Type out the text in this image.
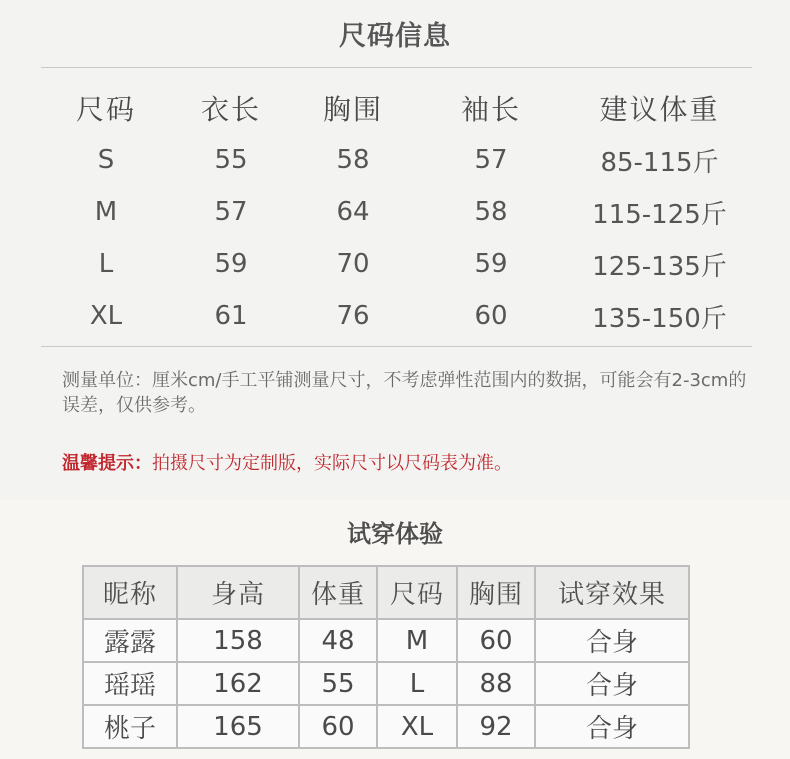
尺码信息
尺码	衣长	胸围	袖长	建议体重
S	55	58	57	85-115斤
M	57	64	58	115-125斤
L	59	70	59	125-135斤
XL	61	76	60	135-150斤
测量单位：厘米cm/手工平铺测量尺寸，不考虑弹性范围内的数据，可能会有2-3cm的误差，仅供参考。
温馨提示：拍摄尺寸为定制版，实际尺寸以尺码表为准。
试穿体验
昵称	身高	体重	尺码	胸围	试穿效果
露露	158	48	M	60	合身
瑶瑶	162	55	L	88	合身
桃子	165	60	XL	92	合身
